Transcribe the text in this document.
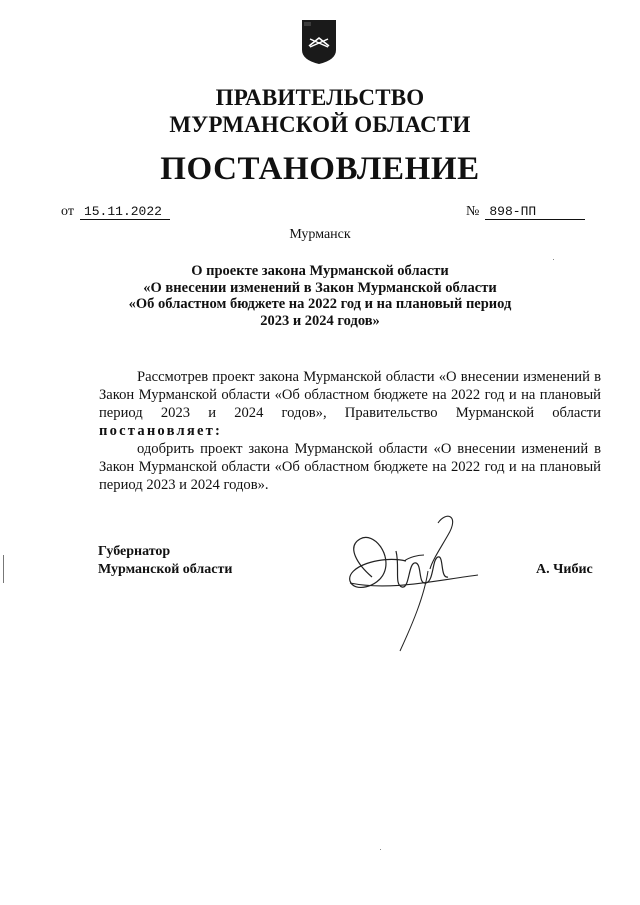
ПРАВИТЕЛЬСТВО
МУРМАНСКОЙ ОБЛАСТИ
ПОСТАНОВЛЕНИЕ
от 15.11.2022	№ 898-ПП
Мурманск
О проекте закона Мурманской области
«О внесении изменений в Закон Мурманской области
«Об областном бюджете на 2022 год и на плановый период
2023 и 2024 годов»

Рассмотрев проект закона Мурманской области «О внесении изменений в Закон Мурманской области «Об областном бюджете на 2022 год и на плановый период 2023 и 2024 годов», Правительство Мурманской области постановляет:

одобрить проект закона Мурманской области «О внесении изменений в Закон Мурманской области «Об областном бюджете на 2022 год и на плановый период 2023 и 2024 годов».

Губернатор
Мурманской области	А. Чибис
